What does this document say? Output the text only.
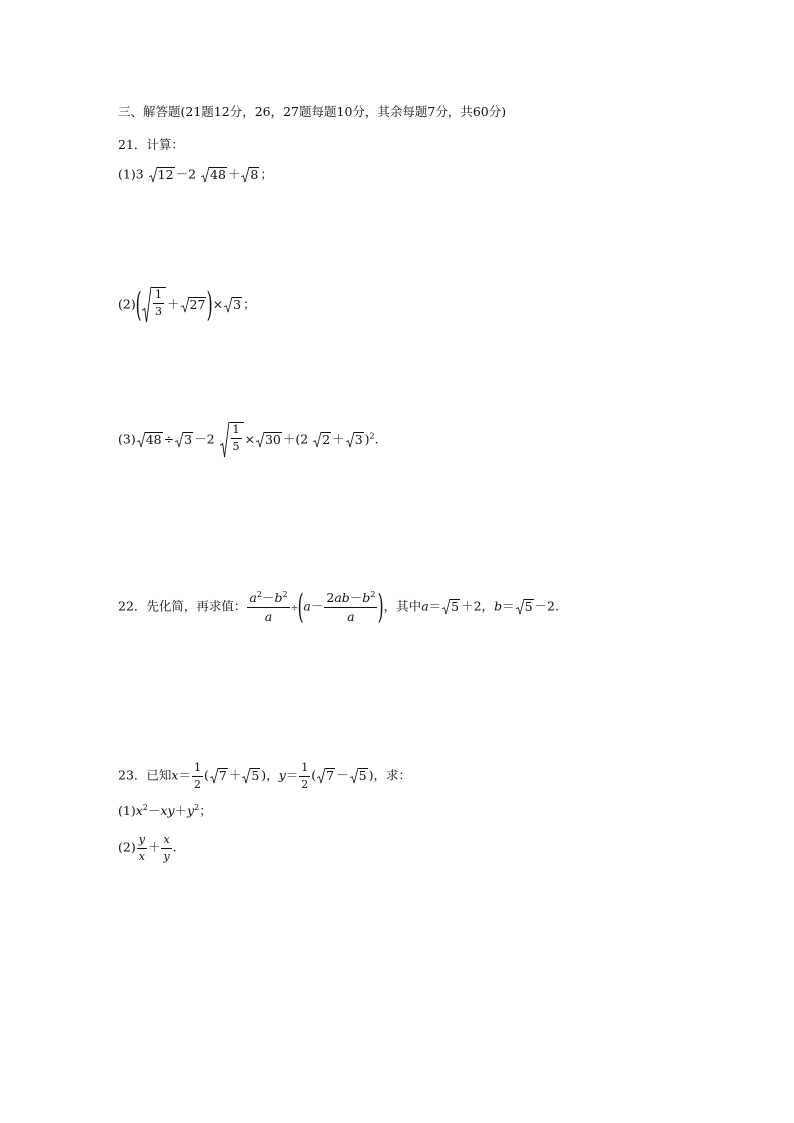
三、解答题(21题12分，26，27题每题10分，其余每题7分，共60分)
21．计算：
(1)3 12 －2 48 ＋ 8 ；
$(2)( \frac{1}{3} + 27$ )× 3 ；
(3) $48 \div 3 -2 \frac{1}{5} \times 30 +(2$ 2 ＋ 3 )$^2$.
22．先化简，再求值： $\frac{a^2-b^2}{a} \div(a- \frac{2ab-b^2}{a}$ )，其中a＝ 5 ＋2，b＝ 5 －2.
23．已知$x= \frac{1}{2}$ ( 7 ＋ 5 )，$y= \frac{1}{2}$ ( 7 － 5 )，求：
$(1)x^2-xy+y^2$；
$(2) \frac{y}{x} + \frac{x}{y}$ .
